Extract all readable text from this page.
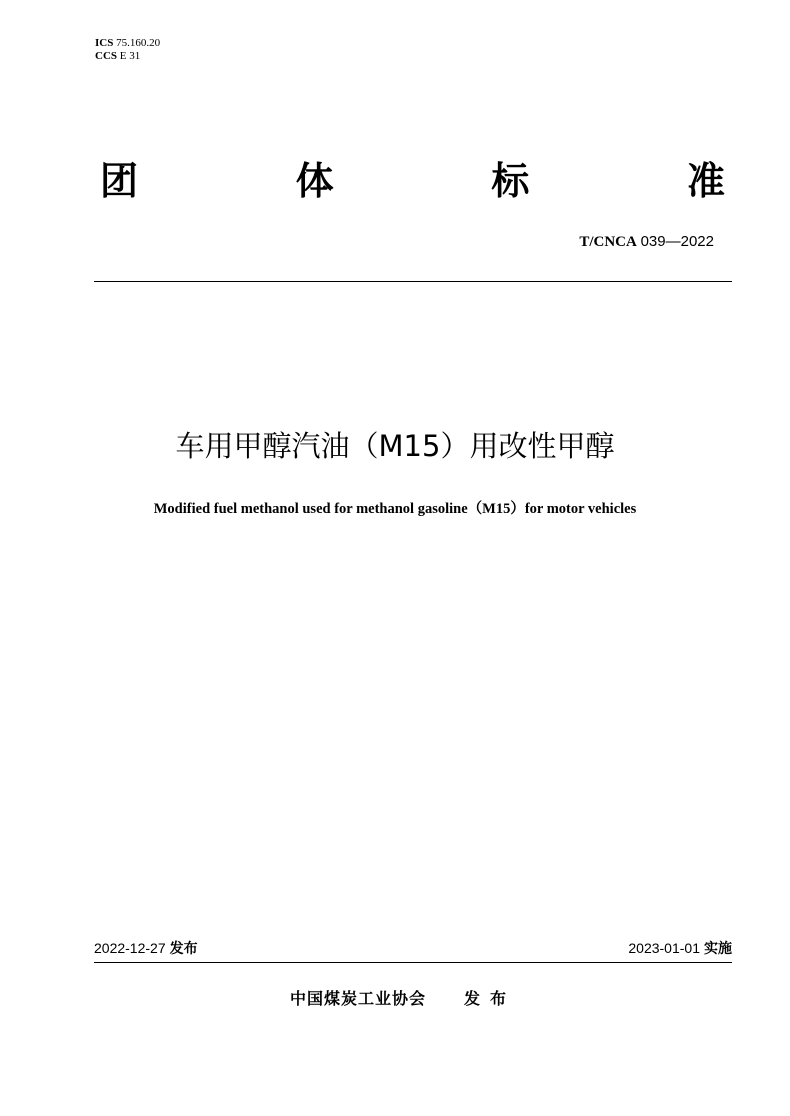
ICS 75.160.20
CCS E 31
团	体	标	准
T/CNCA 039—2022
车用甲醇汽油（M15）用改性甲醇
Modified fuel methanol used for methanol gasoline（M15）for motor vehicles
2022-12-27 发布	2023-01-01 实施
中国煤炭工业协会 发布
